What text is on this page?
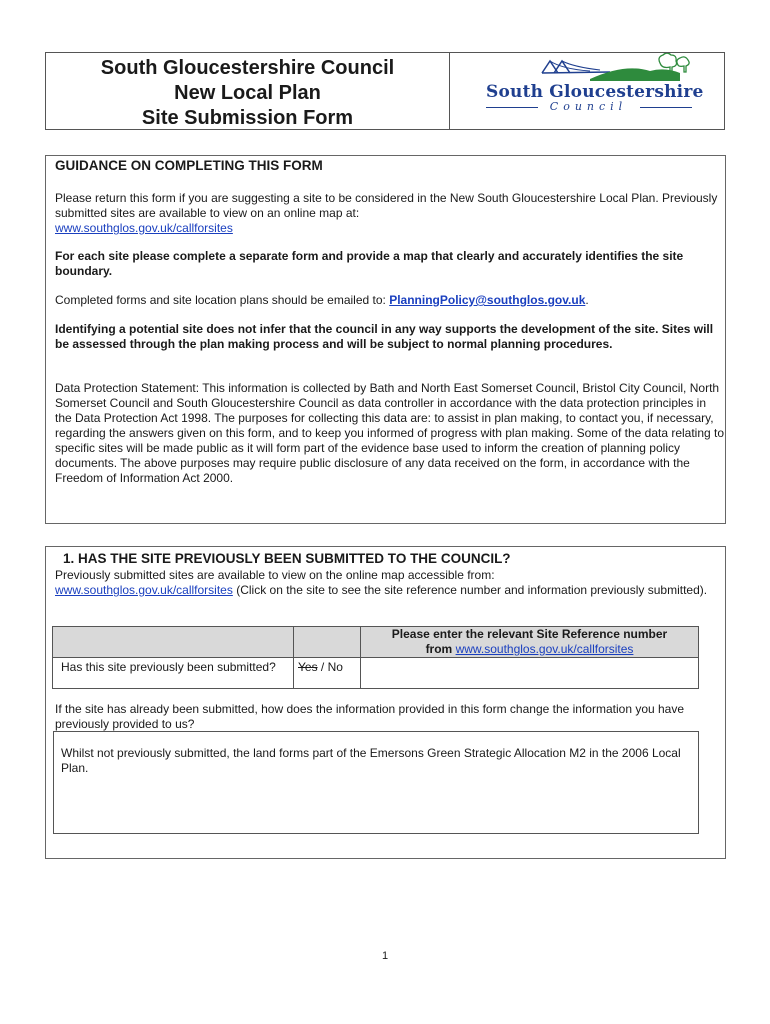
South Gloucestershire Council
New Local Plan
Site Submission Form
South Gloucestershire
Council
GUIDANCE ON COMPLETING THIS FORM
Please return this form if you are suggesting a site to be considered in the New South Gloucestershire Local Plan. Previously submitted sites are available to view on an online map at:
www.southglos.gov.uk/callforsites
For each site please complete a separate form and provide a map that clearly and accurately identifies the site boundary.
Completed forms and site location plans should be emailed to: PlanningPolicy@southglos.gov.uk.
Identifying a potential site does not infer that the council in any way supports the development of the site. Sites will be assessed through the plan making process and will be subject to normal planning procedures.
Data Protection Statement: This information is collected by Bath and North East Somerset Council, Bristol City Council, North Somerset Council and South Gloucestershire Council as data controller in accordance with the data protection principles in the Data Protection Act 1998. The purposes for collecting this data are: to assist in plan making, to contact you, if necessary, regarding the answers given on this form, and to keep you informed of progress with plan making. Some of the data relating to specific sites will be made public as it will form part of the evidence base used to inform the creation of planning policy documents. The above purposes may require public disclosure of any data received on the form, in accordance with the Freedom of Information Act 2000.
1. HAS THE SITE PREVIOUSLY BEEN SUBMITTED TO THE COUNCIL?
Previously submitted sites are available to view on the online map accessible from:
www.southglos.gov.uk/callforsites (Click on the site to see the site reference number and information previously submitted).
		Please enter the relevant Site Reference number
from www.southglos.gov.uk/callforsites
Has this site previously been submitted?	Yes / No	
If the site has already been submitted, how does the information provided in this form change the information you have previously provided to us?
Whilst not previously submitted, the land forms part of the Emersons Green Strategic Allocation M2 in the 2006 Local Plan.
1
